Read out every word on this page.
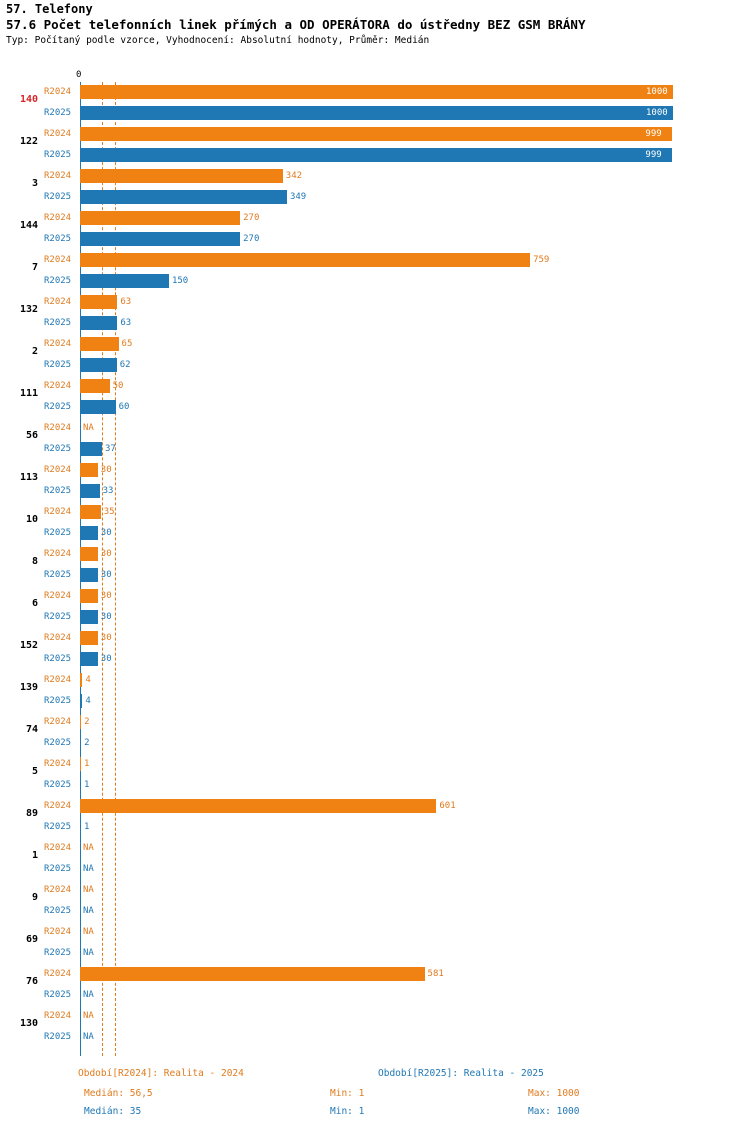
57. Telefony
57.6 Počet telefonních linek přímých a OD OPERÁTORA do ústředny BEZ GSM BRÁNY
Typ: Počítaný podle vzorce, Vyhodnocení: Absolutní hodnoty, Průměr: Medián
0
140
R2024	1000
R2025	1000
122
R2024	999
R2025	999
3
R2024	342
R2025	349
144
R2024	270
R2025	270
7
R2024	759
R2025	150
132
R2024	63
R2025	63
2
R2024	65
R2025	62
111
R2024	50
R2025	60
56
R2024 NA
R2025	37
113
R2024	30
R2025	33
10
R2024	35
R2025	30
8
R2024	30
R2025	30
6
R2024	30
R2025	30
152
R2024	30
R2025	30
139
R2024 4
R2025 4
74
R2024 2
R2025 2
5
R2024 1
R2025 1
89
R2024	601
R2025 1
1
R2024 NA
R2025 NA
9
R2024 NA
R2025 NA
69
R2024 NA
R2025 NA
76
R2024	581
R2025 NA
130
R2024 NA
R2025 NA
Období[R2024]: Realita - 2024	Období[R2025]: Realita - 2025
Medián: 56,5	Min: 1	Max: 1000
Medián: 35	Min: 1	Max: 1000
